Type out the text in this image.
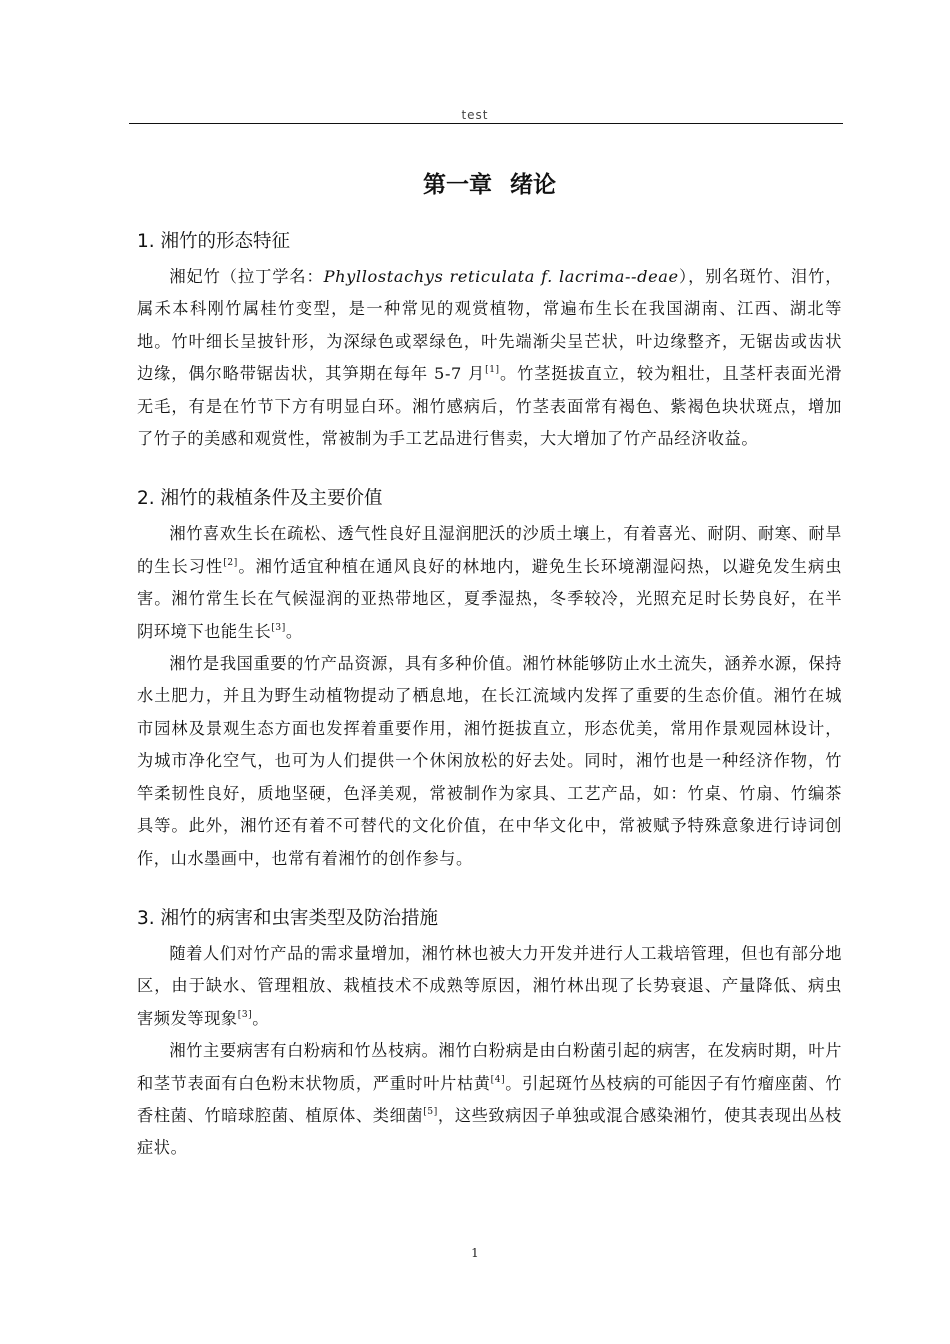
test
第一章 绪论
1. 湘竹的形态特征

湘妃竹（拉丁学名：Phyllostachys reticulata f. lacrima--deae），别名斑竹、泪竹，属禾本科刚竹属桂竹变型，是一种常见的观赏植物，常遍布生长在我国湖南、江西、湖北等地。竹叶细长呈披针形，为深绿色或翠绿色，叶先端渐尖呈芒状，叶边缘整齐，无锯齿或齿状边缘，偶尔略带锯齿状，其笋期在每年 5-7 月[1]。竹茎挺拔直立，较为粗壮，且茎杆表面光滑无毛，有是在竹节下方有明显白环。湘竹感病后，竹茎表面常有褐色、紫褐色块状斑点，增加了竹子的美感和观赏性，常被制为手工艺品进行售卖，大大增加了竹产品经济收益。

2. 湘竹的栽植条件及主要价值

湘竹喜欢生长在疏松、透气性良好且湿润肥沃的沙质土壤上，有着喜光、耐阴、耐寒、耐旱的生长习性[2]。湘竹适宜种植在通风良好的林地内，避免生长环境潮湿闷热，以避免发生病虫害。湘竹常生长在气候湿润的亚热带地区，夏季湿热，冬季较冷，光照充足时长势良好，在半阴环境下也能生长[3]。

湘竹是我国重要的竹产品资源，具有多种价值。湘竹林能够防止水土流失，涵养水源，保持水土肥力，并且为野生动植物提动了栖息地，在长江流域内发挥了重要的生态价值。湘竹在城市园林及景观生态方面也发挥着重要作用，湘竹挺拔直立，形态优美，常用作景观园林设计，为城市净化空气，也可为人们提供一个休闲放松的好去处。同时，湘竹也是一种经济作物，竹竿柔韧性良好，质地坚硬，色泽美观，常被制作为家具、工艺产品，如：竹桌、竹扇、竹编茶具等。此外，湘竹还有着不可替代的文化价值，在中华文化中，常被赋予特殊意象进行诗词创作，山水墨画中，也常有着湘竹的创作参与。

3. 湘竹的病害和虫害类型及防治措施

随着人们对竹产品的需求量增加，湘竹林也被大力开发并进行人工栽培管理，但也有部分地区，由于缺水、管理粗放、栽植技术不成熟等原因，湘竹林出现了长势衰退、产量降低、病虫害频发等现象[3]。

湘竹主要病害有白粉病和竹丛枝病。湘竹白粉病是由白粉菌引起的病害，在发病时期，叶片和茎节表面有白色粉末状物质，严重时叶片枯黄[4]。引起斑竹丛枝病的可能因子有竹瘤座菌、竹香柱菌、竹暗球腔菌、植原体、类细菌[5]，这些致病因子单独或混合感染湘竹，使其表现出丛枝症状。

1
